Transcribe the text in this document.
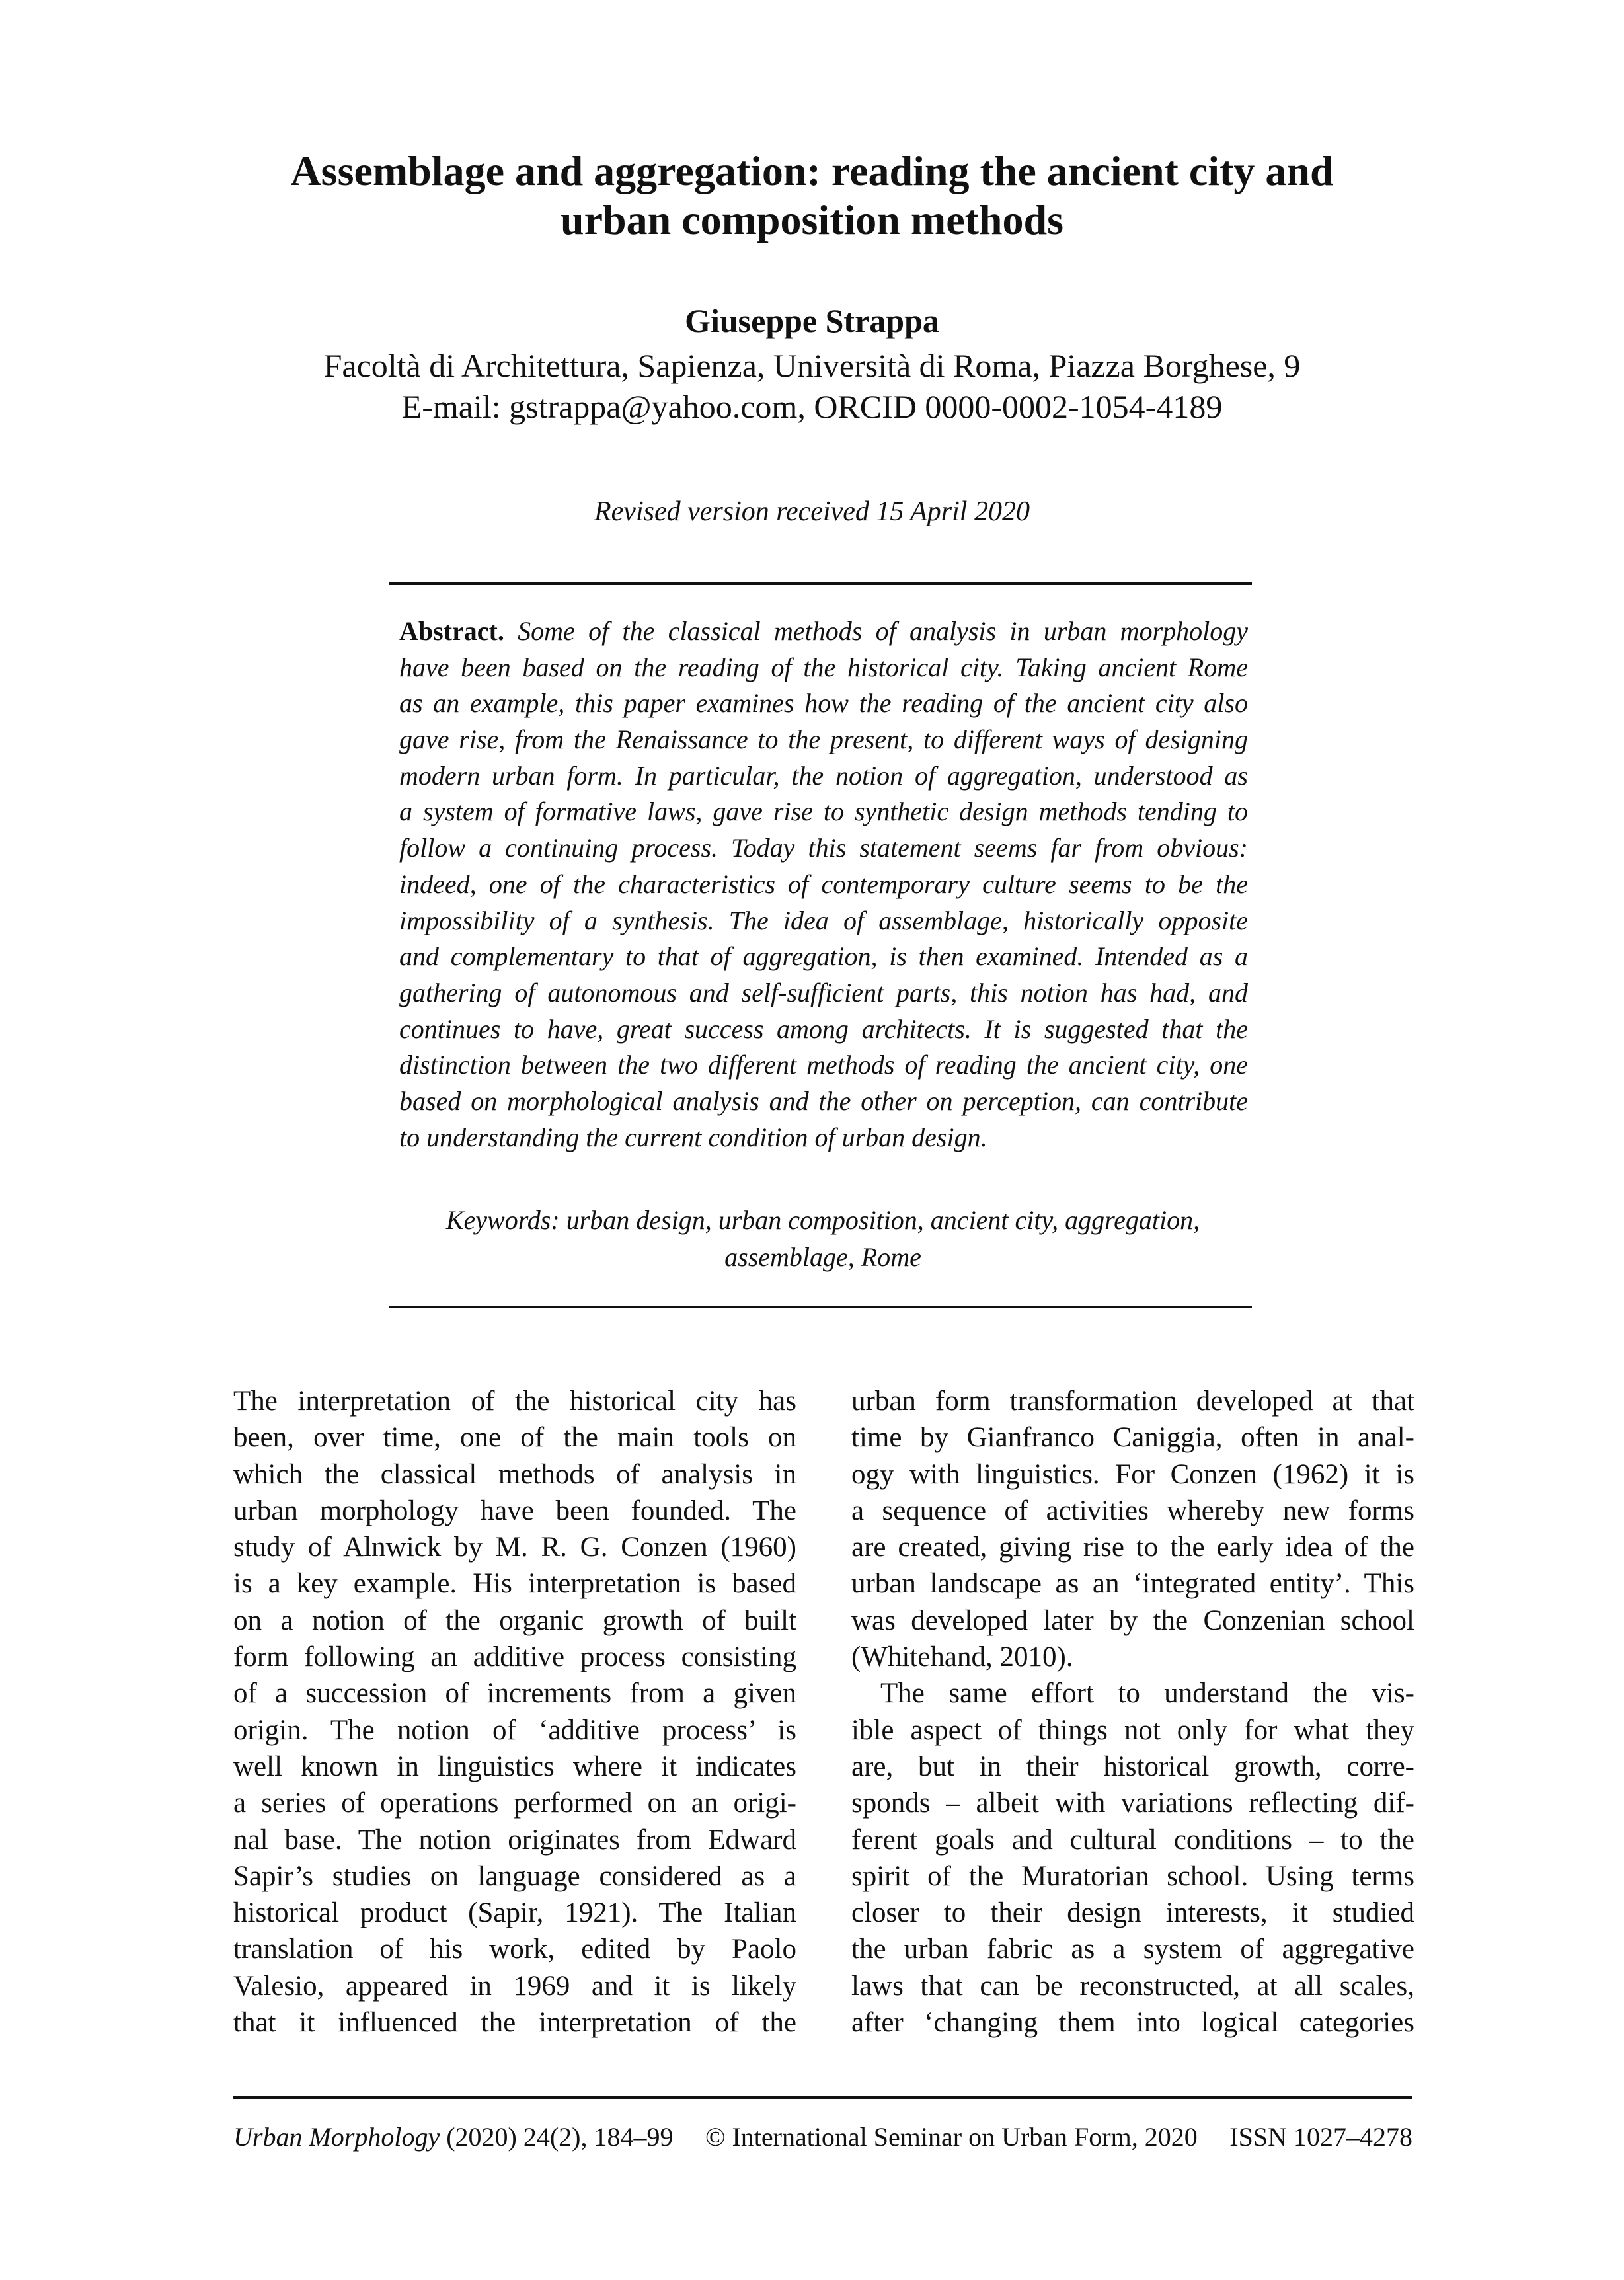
Assemblage and aggregation: reading the ancient city and
urban composition methods
Giuseppe Strappa
Facoltà di Architettura, Sapienza, Università di Roma, Piazza Borghese, 9
E-mail: gstrappa@yahoo.com, ORCID 0000-0002-1054-4189
Revised version received 15 April 2020
Abstract. Some of the classical methods of analysis in urban morphology
have been based on the reading of the historical city. Taking ancient Rome
as an example, this paper examines how the reading of the ancient city also
gave rise, from the Renaissance to the present, to different ways of designing
modern urban form. In particular, the notion of aggregation, understood as
a system of formative laws, gave rise to synthetic design methods tending to
follow a continuing process. Today this statement seems far from obvious:
indeed, one of the characteristics of contemporary culture seems to be the
impossibility of a synthesis. The idea of assemblage, historically opposite
and complementary to that of aggregation, is then examined. Intended as a
gathering of autonomous and self-sufficient parts, this notion has had, and
continues to have, great success among architects. It is suggested that the
distinction between the two different methods of reading the ancient city, one
based on morphological analysis and the other on perception, can contribute
to understanding the current condition of urban design.
Keywords: urban design, urban composition, ancient city, aggregation,
assemblage, Rome
The interpretation of the historical city has
been, over time, one of the main tools on
which the classical methods of analysis in
urban morphology have been founded. The
study of Alnwick by M. R. G. Conzen (1960)
is a key example. His interpretation is based
on a notion of the organic growth of built
form following an additive process consisting
of a succession of increments from a given
origin. The notion of ‘additive process’ is
well known in linguistics where it indicates
a series of operations performed on an origi-
nal base. The notion originates from Edward
Sapir’s studies on language considered as a
historical product (Sapir, 1921). The Italian
translation of his work, edited by Paolo
Valesio, appeared in 1969 and it is likely
that it influenced the interpretation of the
urban form transformation developed at that
time by Gianfranco Caniggia, often in anal-
ogy with linguistics. For Conzen (1962) it is
a sequence of activities whereby new forms
are created, giving rise to the early idea of the
urban landscape as an ‘integrated entity’. This
was developed later by the Conzenian school
(Whitehand, 2010).
The same effort to understand the vis-
ible aspect of things not only for what they
are, but in their historical growth, corre-
sponds – albeit with variations reflecting dif-
ferent goals and cultural conditions – to the
spirit of the Muratorian school. Using terms
closer to their design interests, it studied
the urban fabric as a system of aggregative
laws that can be reconstructed, at all scales,
after ‘changing them into logical categories
Urban Morphology (2020) 24(2), 184–99 © International Seminar on Urban Form, 2020 ISSN 1027–4278
